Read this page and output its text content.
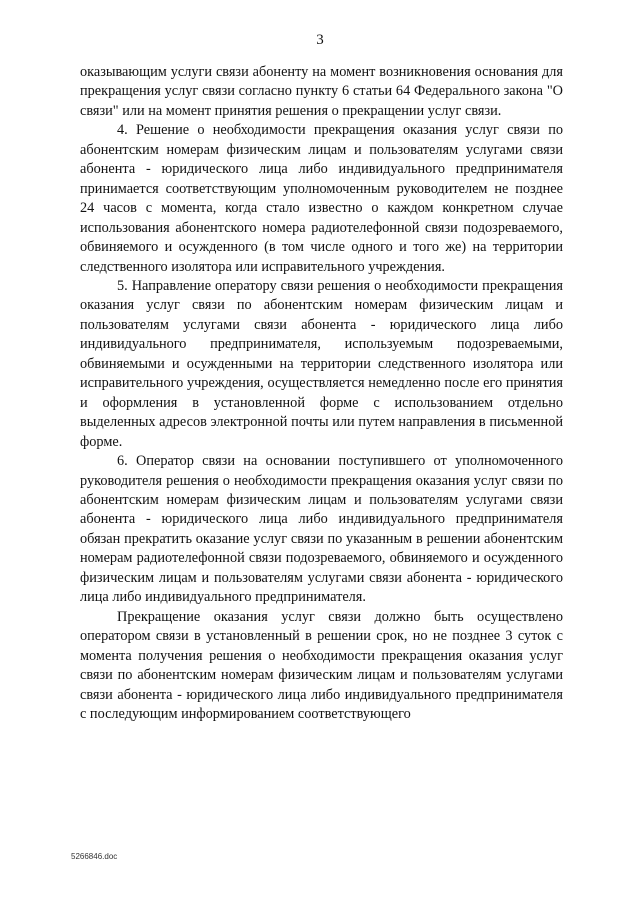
3

оказывающим услуги связи абоненту на момент возникновения основания для прекращения услуг связи согласно пункту 6 статьи 64 Федерального закона "О связи" или на момент принятия решения о прекращении услуг связи.

4. Решение о необходимости прекращения оказания услуг связи по абонентским номерам физическим лицам и пользователям услугами связи абонента - юридического лица либо индивидуального предпринимателя принимается соответствующим уполномоченным руководителем не позднее 24 часов с момента, когда стало известно о каждом конкретном случае использования абонентского номера радиотелефонной связи подозреваемого, обвиняемого и осужденного (в том числе одного и того же) на территории следственного изолятора или исправительного учреждения.

5. Направление оператору связи решения о необходимости прекращения оказания услуг связи по абонентским номерам физическим лицам и пользователям услугами связи абонента - юридического лица либо индивидуального предпринимателя, используемым подозреваемыми, обвиняемыми и осужденными на территории следственного изолятора или исправительного учреждения, осуществляется немедленно после его принятия и оформления в установленной форме с использованием отдельно выделенных адресов электронной почты или путем направления в письменной форме.

6. Оператор связи на основании поступившего от уполномоченного руководителя решения о необходимости прекращения оказания услуг связи по абонентским номерам физическим лицам и пользователям услугами связи абонента - юридического лица либо индивидуального предпринимателя обязан прекратить оказание услуг связи по указанным в решении абонентским номерам радиотелефонной связи подозреваемого, обвиняемого и осужденного физическим лицам и пользователям услугами связи абонента - юридического лица либо индивидуального предпринимателя.

Прекращение оказания услуг связи должно быть осуществлено оператором связи в установленный в решении срок, но не позднее 3 суток с момента получения решения о необходимости прекращения оказания услуг связи по абонентским номерам физическим лицам и пользователям услугами связи абонента - юридического лица либо индивидуального предпринимателя с последующим информированием соответствующего

5266846.doc
